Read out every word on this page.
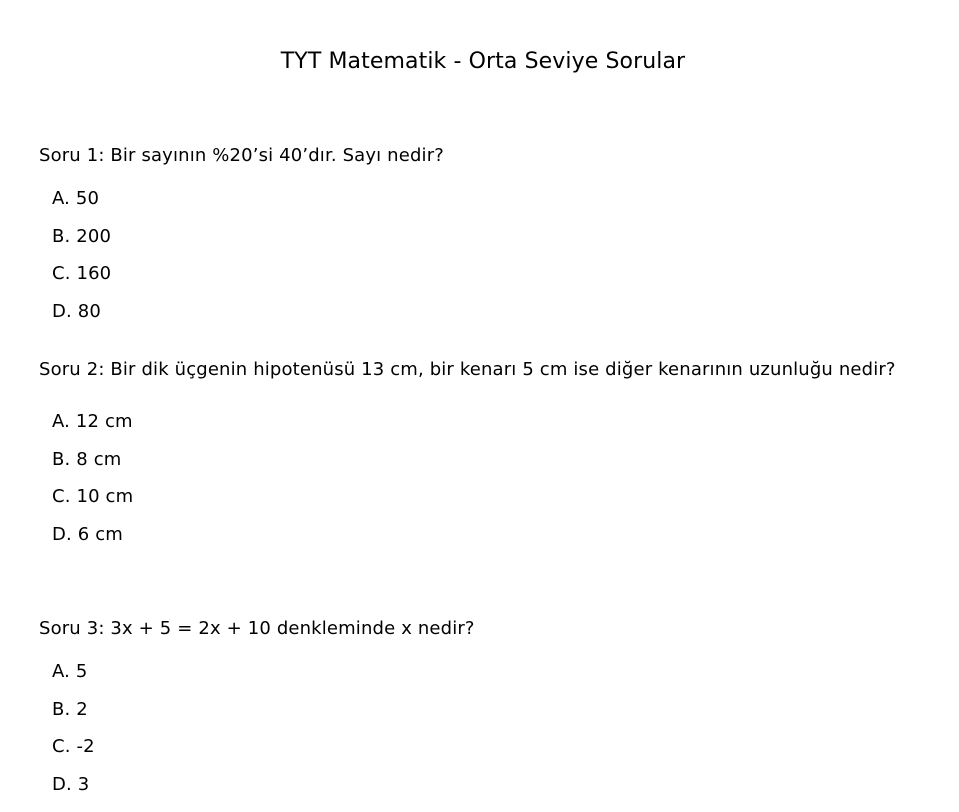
TYT Matematik - Orta Seviye Sorular

Soru 1: Bir sayının %20’si 40’dır. Sayı nedir?

A. 50
B. 200
C. 160
D. 80

Soru 2: Bir dik üçgenin hipotenüsü 13 cm, bir kenarı 5 cm ise diğer kenarının uzunluğu nedir?

A. 12 cm
B. 8 cm
C. 10 cm
D. 6 cm

Soru 3: 3x + 5 = 2x + 10 denkleminde x nedir?

A. 5
B. 2
C. -2
D. 3
